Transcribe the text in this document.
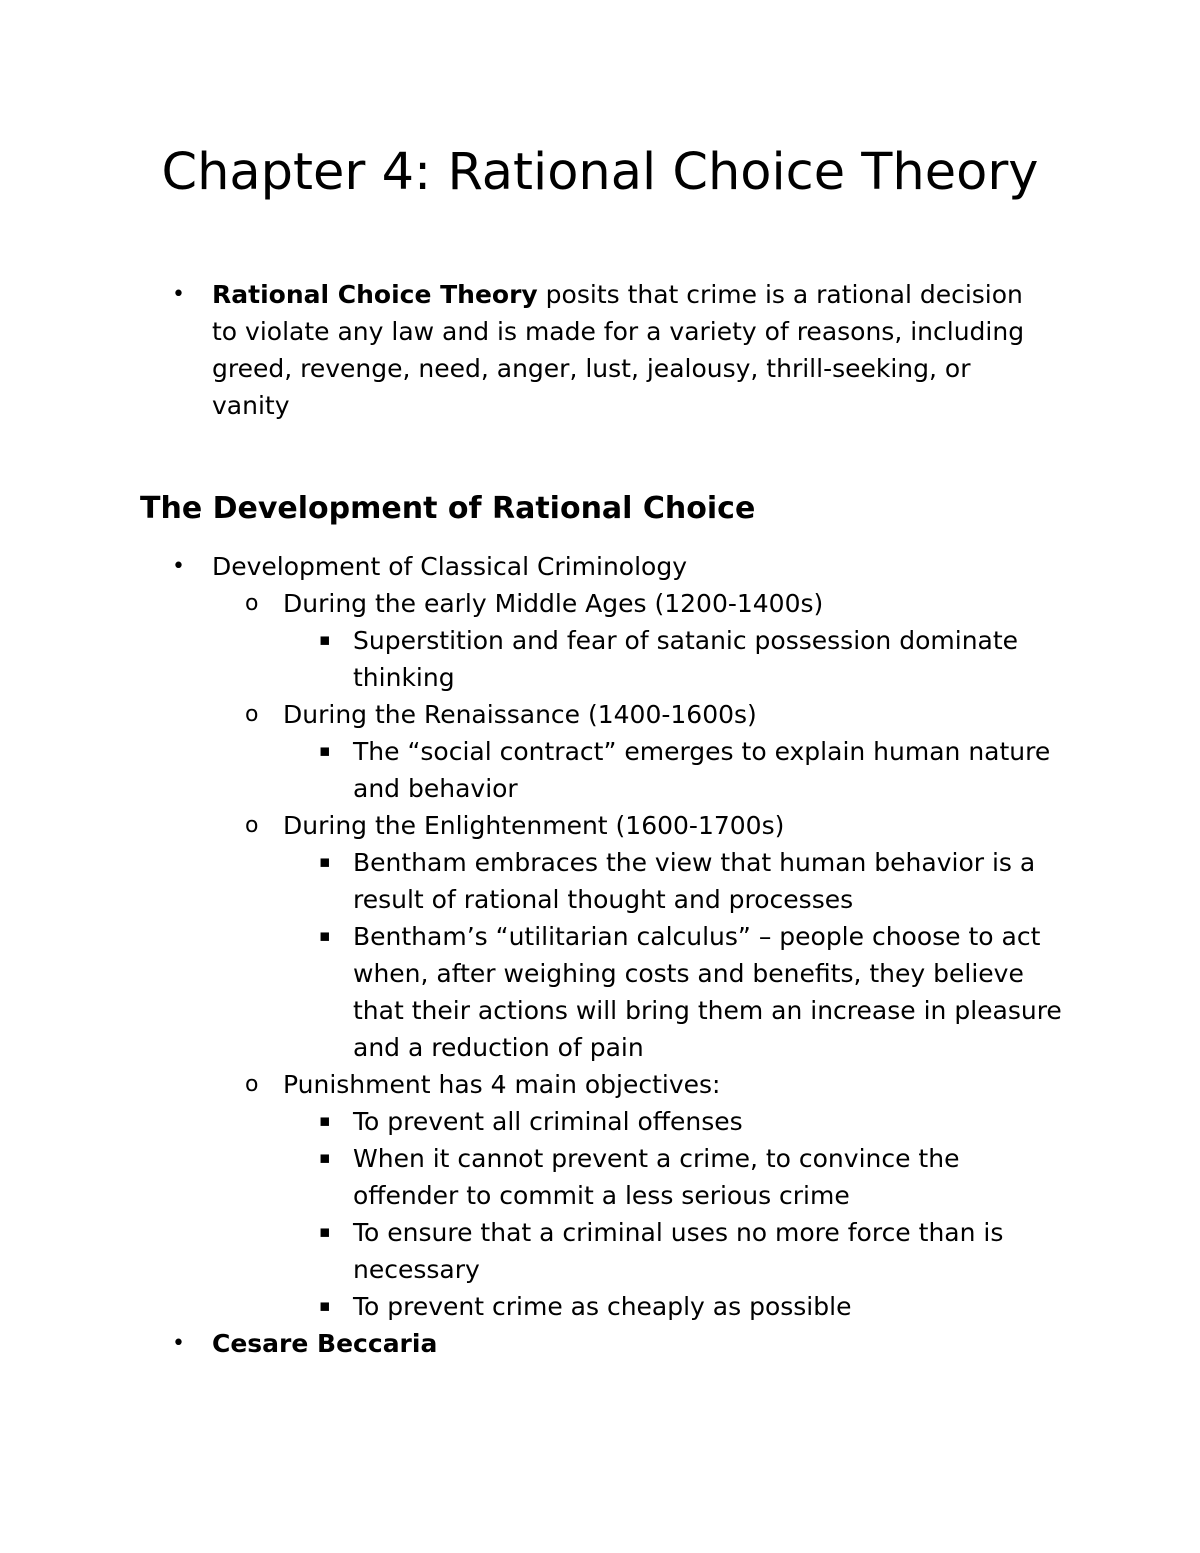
Chapter 4: Rational Choice Theory
• Rational Choice Theory posits that crime is a rational decision to violate any law and is made for a variety of reasons, including greed, revenge, need, anger, lust, jealousy, thrill-seeking, or vanity
The Development of Rational Choice
• Development of Classical Criminology
o During the early Middle Ages (1200-1400s)
▪ Superstition and fear of satanic possession dominate thinking
o During the Renaissance (1400-1600s)
▪ The “social contract” emerges to explain human nature and behavior
o During the Enlightenment (1600-1700s)
▪ Bentham embraces the view that human behavior is a result of rational thought and processes
▪ Bentham’s “utilitarian calculus” – people choose to act when, after weighing costs and benefits, they believe that their actions will bring them an increase in pleasure and a reduction of pain
o Punishment has 4 main objectives:
▪ To prevent all criminal offenses
▪ When it cannot prevent a crime, to convince the offender to commit a less serious crime
▪ To ensure that a criminal uses no more force than is necessary
▪ To prevent crime as cheaply as possible
• Cesare Beccaria
